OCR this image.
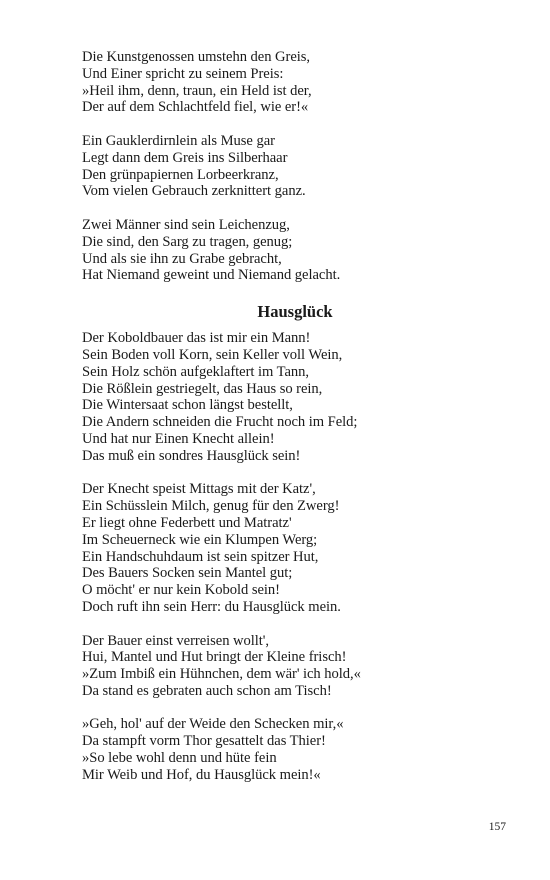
Die Kunstgenossen umstehn den Greis,
Und Einer spricht zu seinem Preis:
»Heil ihm, denn, traun, ein Held ist der,
Der auf dem Schlachtfeld fiel, wie er!«
Ein Gauklerdirnlein als Muse gar
Legt dann dem Greis ins Silberhaar
Den grünpapiernen Lorbeerkranz,
Vom vielen Gebrauch zerknittert ganz.
Zwei Männer sind sein Leichenzug,
Die sind, den Sarg zu tragen, genug;
Und als sie ihn zu Grabe gebracht,
Hat Niemand geweint und Niemand gelacht.
Hausglück
Der Koboldbauer das ist mir ein Mann!
Sein Boden voll Korn, sein Keller voll Wein,
Sein Holz schön aufgeklaftert im Tann,
Die Rößlein gestriegelt, das Haus so rein,
Die Wintersaat schon längst bestellt,
Die Andern schneiden die Frucht noch im Feld;
Und hat nur Einen Knecht allein!
Das muß ein sondres Hausglück sein!
Der Knecht speist Mittags mit der Katz',
Ein Schüsslein Milch, genug für den Zwerg!
Er liegt ohne Federbett und Matratz'
Im Scheuerneck wie ein Klumpen Werg;
Ein Handschuhdaum ist sein spitzer Hut,
Des Bauers Socken sein Mantel gut;
O möcht' er nur kein Kobold sein!
Doch ruft ihn sein Herr: du Hausglück mein.
Der Bauer einst verreisen wollt',
Hui, Mantel und Hut bringt der Kleine frisch!
»Zum Imbiß ein Hühnchen, dem wär' ich hold,«
Da stand es gebraten auch schon am Tisch!
»Geh, hol' auf der Weide den Schecken mir,«
Da stampft vorm Thor gesattelt das Thier!
»So lebe wohl denn und hüte fein
Mir Weib und Hof, du Hausglück mein!«
157
